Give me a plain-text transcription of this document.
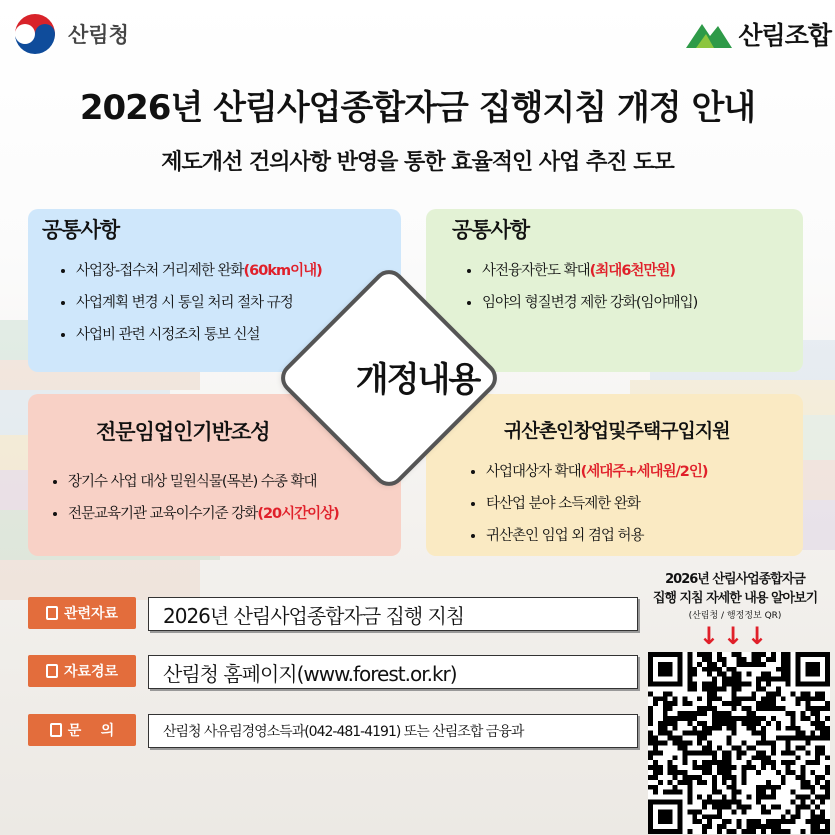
산림청	산림조합
2026년 산림사업종합자금 집행지침 개정 안내
제도개선 건의사항 반영을 통한 효율적인 사업 추진 도모
공통사항
• 사업장-접수처 거리제한 완화(60km이내)
• 사업계획 변경 시 통일 처리 절차 규정
• 사업비 관련 시정조치 통보 신설
공통사항
• 사전융자한도 확대(최대6천만원)
• 임야의 형질변경 제한 강화(임야매입)
전문임업인기반조성
• 장기수 사업 대상 밀원식물(목본) 수종 확대
• 전문교육기관 교육이수기준 강화(20시간이상)
귀산촌인창업및주택구입지원
• 사업대상자 확대(세대주+세대원/2인)
• 타산업 분야 소득제한 완화
• 귀산촌인 임업 외 겸업 허용
개정내용
관련자료	2026년 산림사업종합자금 집행 지침
자료경로	산림청 홈페이지(www.forest.or.kr)
문    의	산림청 사유림경영소득과(042-481-4191) 또는 산림조합 금융과
2026년 산림사업종합자금
집행 지침 자세한 내용 알아보기
(산림청 / 행정정보 QR)
↓↓↓
